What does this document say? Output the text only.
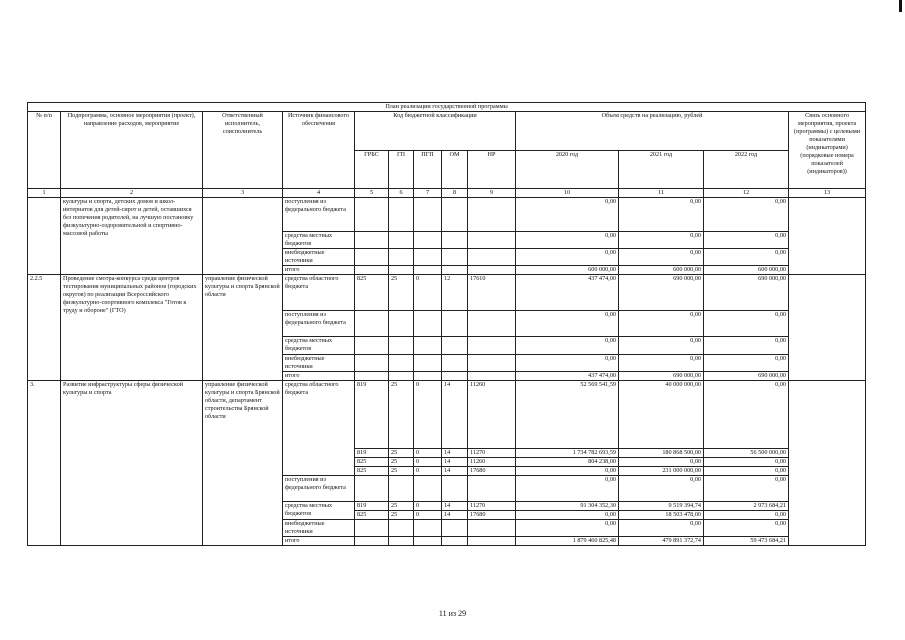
План реализации государственной программы													
№ п/п	Подпрограмма, основное мероприятия (проект), направление расходов, мероприятие	Ответственный исполнитель, соисполнитель	Источник финансового обеспечения	Код бюджетной классификации					Объем средств на реализацию, рублей			Связь основного мероприятия, проекта (программы) с целевыми показателями (индикаторами) (порядковые номера показателей (индикаторов))	
				ГРБС	ГП	ПГП	ОМ	НР	2020 год	2021 год	2022 год		
1	2	3	4	5	6	7	8	9	10	11	12	13	
	культуры и спорта, детских домов и школ-интернатов для детей-сирот и детей, оставшихся без попечения родителей, на лучшую постановку физкультурно-оздоровительной и спортивно-массовой работы		поступления из федерального бюджета						0,00	0,00	0,00		
			средства местных бюджетов						0,00	0,00	0,00		
			внебюджетные источники						0,00	0,00	0,00		
			итого						600 000,00	600 000,00	600 000,00		
2.2.5	Проведение смотра-конкурса среди центров тестирования муниципальных районов (городских округов) по реализации Всероссийского физкультурно-спортивного комплекса "Готов к труду и обороне" (ГТО)	управление физической культуры и спорта Брянской области	средства областного бюджета	825	25	0	12	17610	437 474,00	690 000,00	690 000,00		
			поступления из федерального бюджета						0,00	0,00	0,00		
			средства местных бюджетов						0,00	0,00	0,00		
			внебюджетные источники						0,00	0,00	0,00		
			итого						437 474,00	690 000,00	690 000,00		
3.	Развитие инфраструктуры сферы физической культуры и спорта	управление физической культуры и спорта Брянской области, департамент строительства Брянской области	средства областного бюджета	819	25	0	14	11260	52 569 541,59	40 000 000,00	0,00		
				819	25	0	14	11270	1 734 782 693,59	180 868 500,00	56 500 000,00		
				825	25	0	14	11260	804 238,00	0,00	0,00		
				825	25	0	14	17680	0,00	231 000 000,00	0,00		
			поступления из федерального бюджета						0,00	0,00	0,00		
			средства местных бюджетов	819	25	0	14	11270	91 304 352,30	9 519 394,74	2 973 684,21		
				825	25	0	14	17680	0,00	18 503 478,00	0,00		
			внебюджетные источники						0,00	0,00	0,00		
			итого						1 879 460 825,48	479 891 372,74	59 473 684,21	
11 из 29
